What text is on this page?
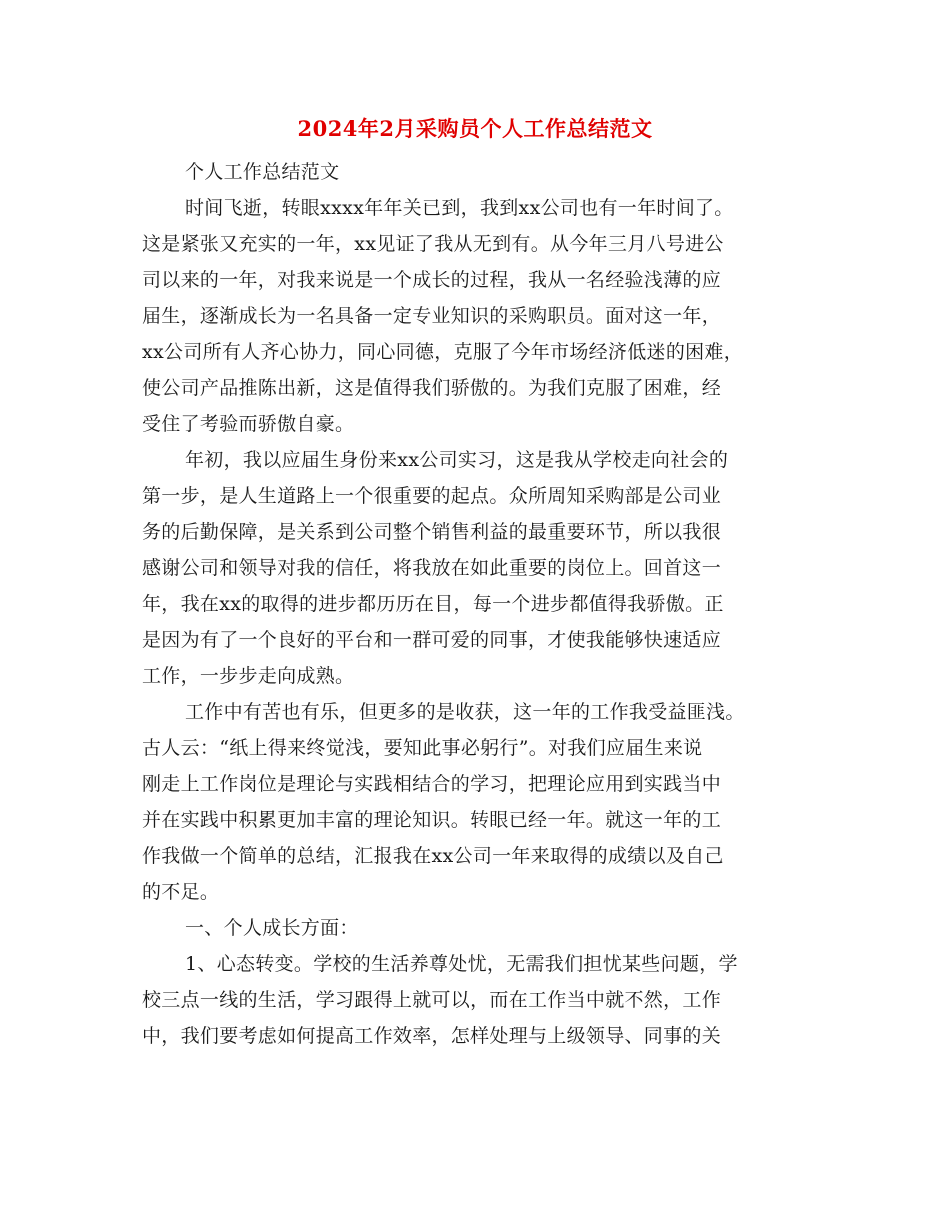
2024年2月采购员个人工作总结范文
个人工作总结范文
时间飞逝，转眼xxxx年年关已到，我到xx公司也有一年时间了。
这是紧张又充实的一年，xx见证了我从无到有。从今年三月八号进公
司以来的一年，对我来说是一个成长的过程，我从一名经验浅薄的应
届生，逐渐成长为一名具备一定专业知识的采购职员。面对这一年，
xx公司所有人齐心协力，同心同德，克服了今年市场经济低迷的困难，
使公司产品推陈出新，这是值得我们骄傲的。为我们克服了困难，经
受住了考验而骄傲自豪。
年初，我以应届生身份来xx公司实习，这是我从学校走向社会的
第一步，是人生道路上一个很重要的起点。众所周知采购部是公司业
务的后勤保障，是关系到公司整个销售利益的最重要环节，所以我很
感谢公司和领导对我的信任，将我放在如此重要的岗位上。回首这一
年，我在xx的取得的进步都历历在目，每一个进步都值得我骄傲。正
是因为有了一个良好的平台和一群可爱的同事，才使我能够快速适应
工作，一步步走向成熟。
工作中有苦也有乐，但更多的是收获，这一年的工作我受益匪浅。
古人云：“纸上得来终觉浅，要知此事必躬行”。对我们应届生来说
刚走上工作岗位是理论与实践相结合的学习，把理论应用到实践当中
并在实践中积累更加丰富的理论知识。转眼已经一年。就这一年的工
作我做一个简单的总结，汇报我在xx公司一年来取得的成绩以及自己
的不足。
一、个人成长方面：
1、心态转变。学校的生活养尊处忧，无需我们担忧某些问题，学
校三点一线的生活，学习跟得上就可以，而在工作当中就不然，工作
中，我们要考虑如何提高工作效率，怎样处理与上级领导、同事的关
